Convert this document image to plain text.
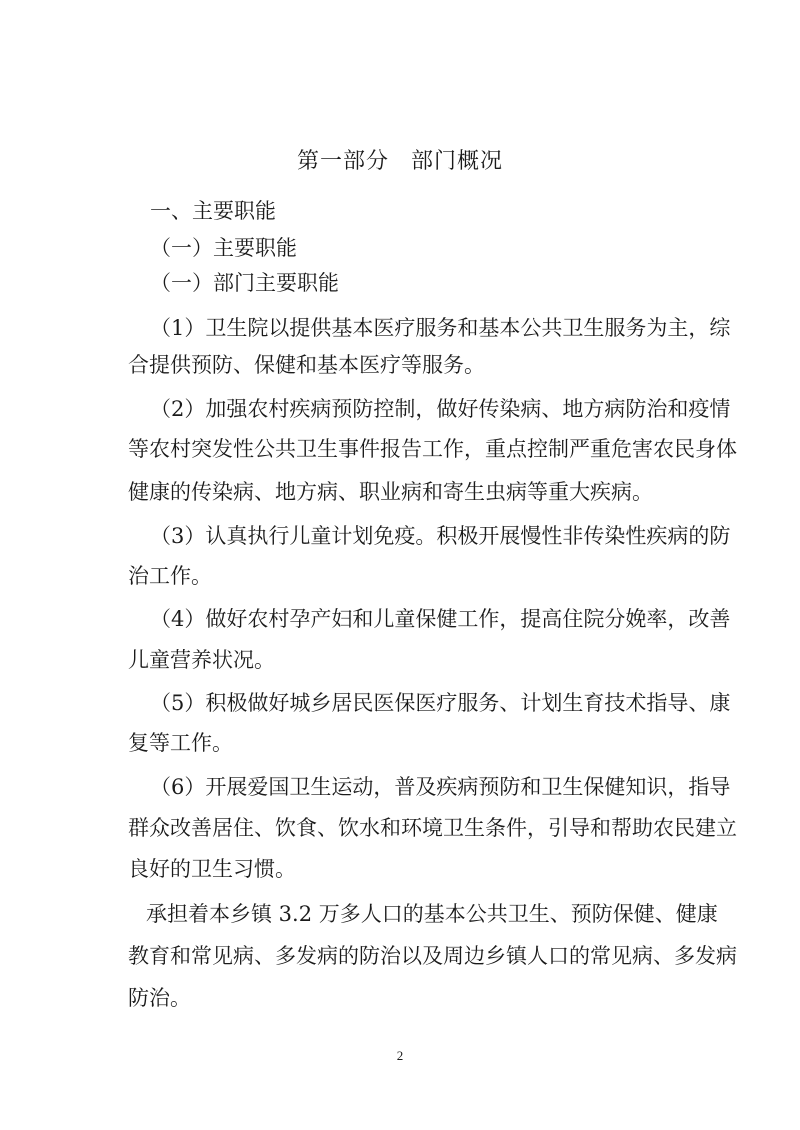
第一部分 部门概况
一、主要职能
（一）主要职能
（一）部门主要职能
（1）卫生院以提供基本医疗服务和基本公共卫生服务为主，综
合提供预防、保健和基本医疗等服务。
（2）加强农村疾病预防控制，做好传染病、地方病防治和疫情
等农村突发性公共卫生事件报告工作，重点控制严重危害农民身体
健康的传染病、地方病、职业病和寄生虫病等重大疾病。
（3）认真执行儿童计划免疫。积极开展慢性非传染性疾病的防
治工作。
（4）做好农村孕产妇和儿童保健工作，提高住院分娩率，改善
儿童营养状况。
（5）积极做好城乡居民医保医疗服务、计划生育技术指导、康
复等工作。
（6）开展爱国卫生运动，普及疾病预防和卫生保健知识，指导
群众改善居住、饮食、饮水和环境卫生条件，引导和帮助农民建立
良好的卫生习惯。
承担着本乡镇 3.2 万多人口的基本公共卫生、预防保健、健康
教育和常见病、多发病的防治以及周边乡镇人口的常见病、多发病
防治。
2
